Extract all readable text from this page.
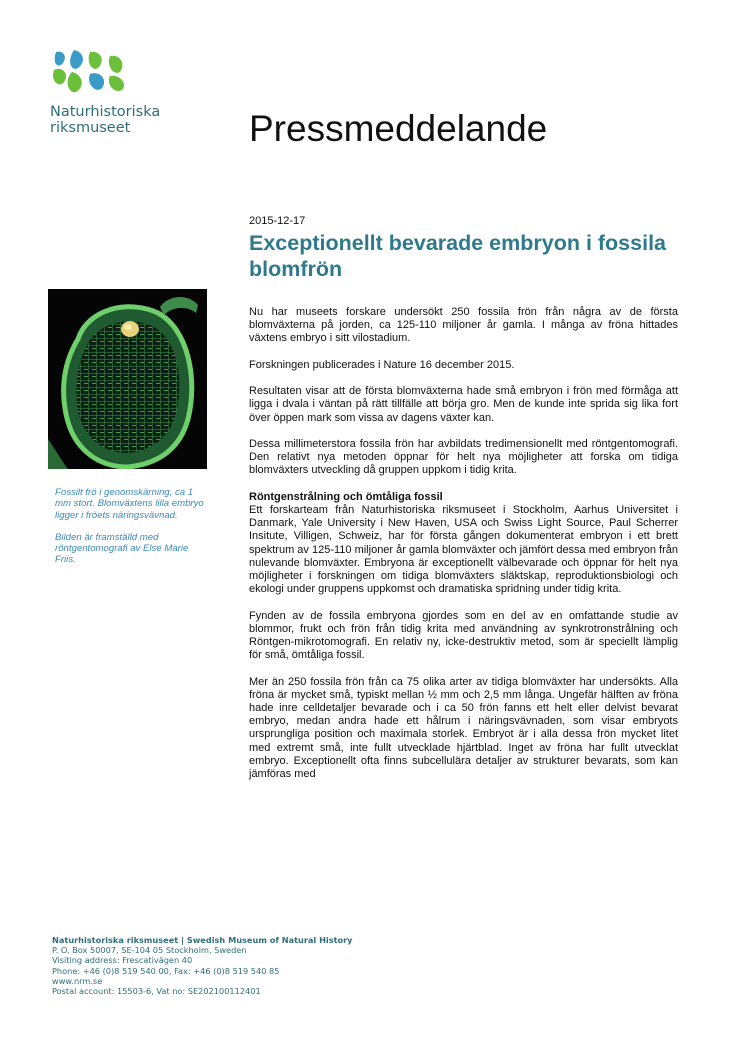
Naturhistoriska
riksmuseet	Pressmeddelande
2015-12-17
Exceptionellt bevarade embryon i fossila blomfrön

Fossilt frö i genomskärning, ca 1 mm stort. Blomväxtens lilla embryo ligger i fröets näringsvävnad.

Bilden är framställd med röntgentomografi av Else Marie Friis.

Nu har museets forskare undersökt 250 fossila frön från några av de första blomväxterna på jorden, ca 125-110 miljoner år gamla. I många av fröna hittades växtens embryo i sitt vilostadium.

Forskningen publicerades i Nature 16 december 2015.

Resultaten visar att de första blomväxterna hade små embryon i frön med förmåga att ligga i dvala i väntan på rätt tillfälle att börja gro. Men de kunde inte sprida sig lika fort över öppen mark som vissa av dagens växter kan.

Dessa millimeterstora fossila frön har avbildats tredimensionellt med röntgentomografi. Den relativt nya metoden öppnar för helt nya möjligheter att forska om tidiga blomväxters utveckling då gruppen uppkom i tidig krita.

Röntgenstrålning och ömtåliga fossil

Ett forskarteam från Naturhistoriska riksmuseet i Stockholm, Aarhus Universitet i Danmark, Yale University i New Haven, USA och Swiss Light Source, Paul Scherrer Insitute, Villigen, Schweiz, har för första gången dokumenterat embryon i ett brett spektrum av 125-110 miljoner år gamla blomväxter och jämfört dessa med embryon från nulevande blomväxter. Embryona är exceptionellt välbevarade och öppnar för helt nya möjligheter i forskningen om tidiga blomväxters släktskap, reproduktionsbiologi och ekologi under gruppens uppkomst och dramatiska spridning under tidig krita.

Fynden av de fossila embryona gjordes som en del av en omfattande studie av blommor, frukt och frön från tidig krita med användning av synkrotronstrålning och Röntgen-mikrotomografi. En relativ ny, icke-destruktiv metod, som är speciellt lämplig för små, ömtåliga fossil.

Mer än 250 fossila frön från ca 75 olika arter av tidiga blomväxter har undersökts. Alla fröna är mycket små, typiskt mellan ½ mm och 2,5 mm långa. Ungefär hälften av fröna hade inre celldetaljer bevarade och i ca 50 frön fanns ett helt eller delvist bevarat embryo, medan andra hade ett hålrum i näringsvävnaden, som visar embryots ursprungliga position och maximala storlek. Embryot är i alla dessa frön mycket litet med extremt små, inte fullt utvecklade hjärtblad. Inget av fröna har fullt utvecklat embryo. Exceptionellt ofta finns subcellulära detaljer av strukturer bevarats, som kan jämföras med

Naturhistoriska riksmuseet | Swedish Museum of Natural History
P. O. Box 50007, SE-104 05 Stockholm, Sweden
Visiting address: Frescativägen 40
Phone: +46 (0)8 519 540 00, Fax: +46 (0)8 519 540 85
www.nrm.se
Postal account: 15503-6, Vat no: SE202100112401
